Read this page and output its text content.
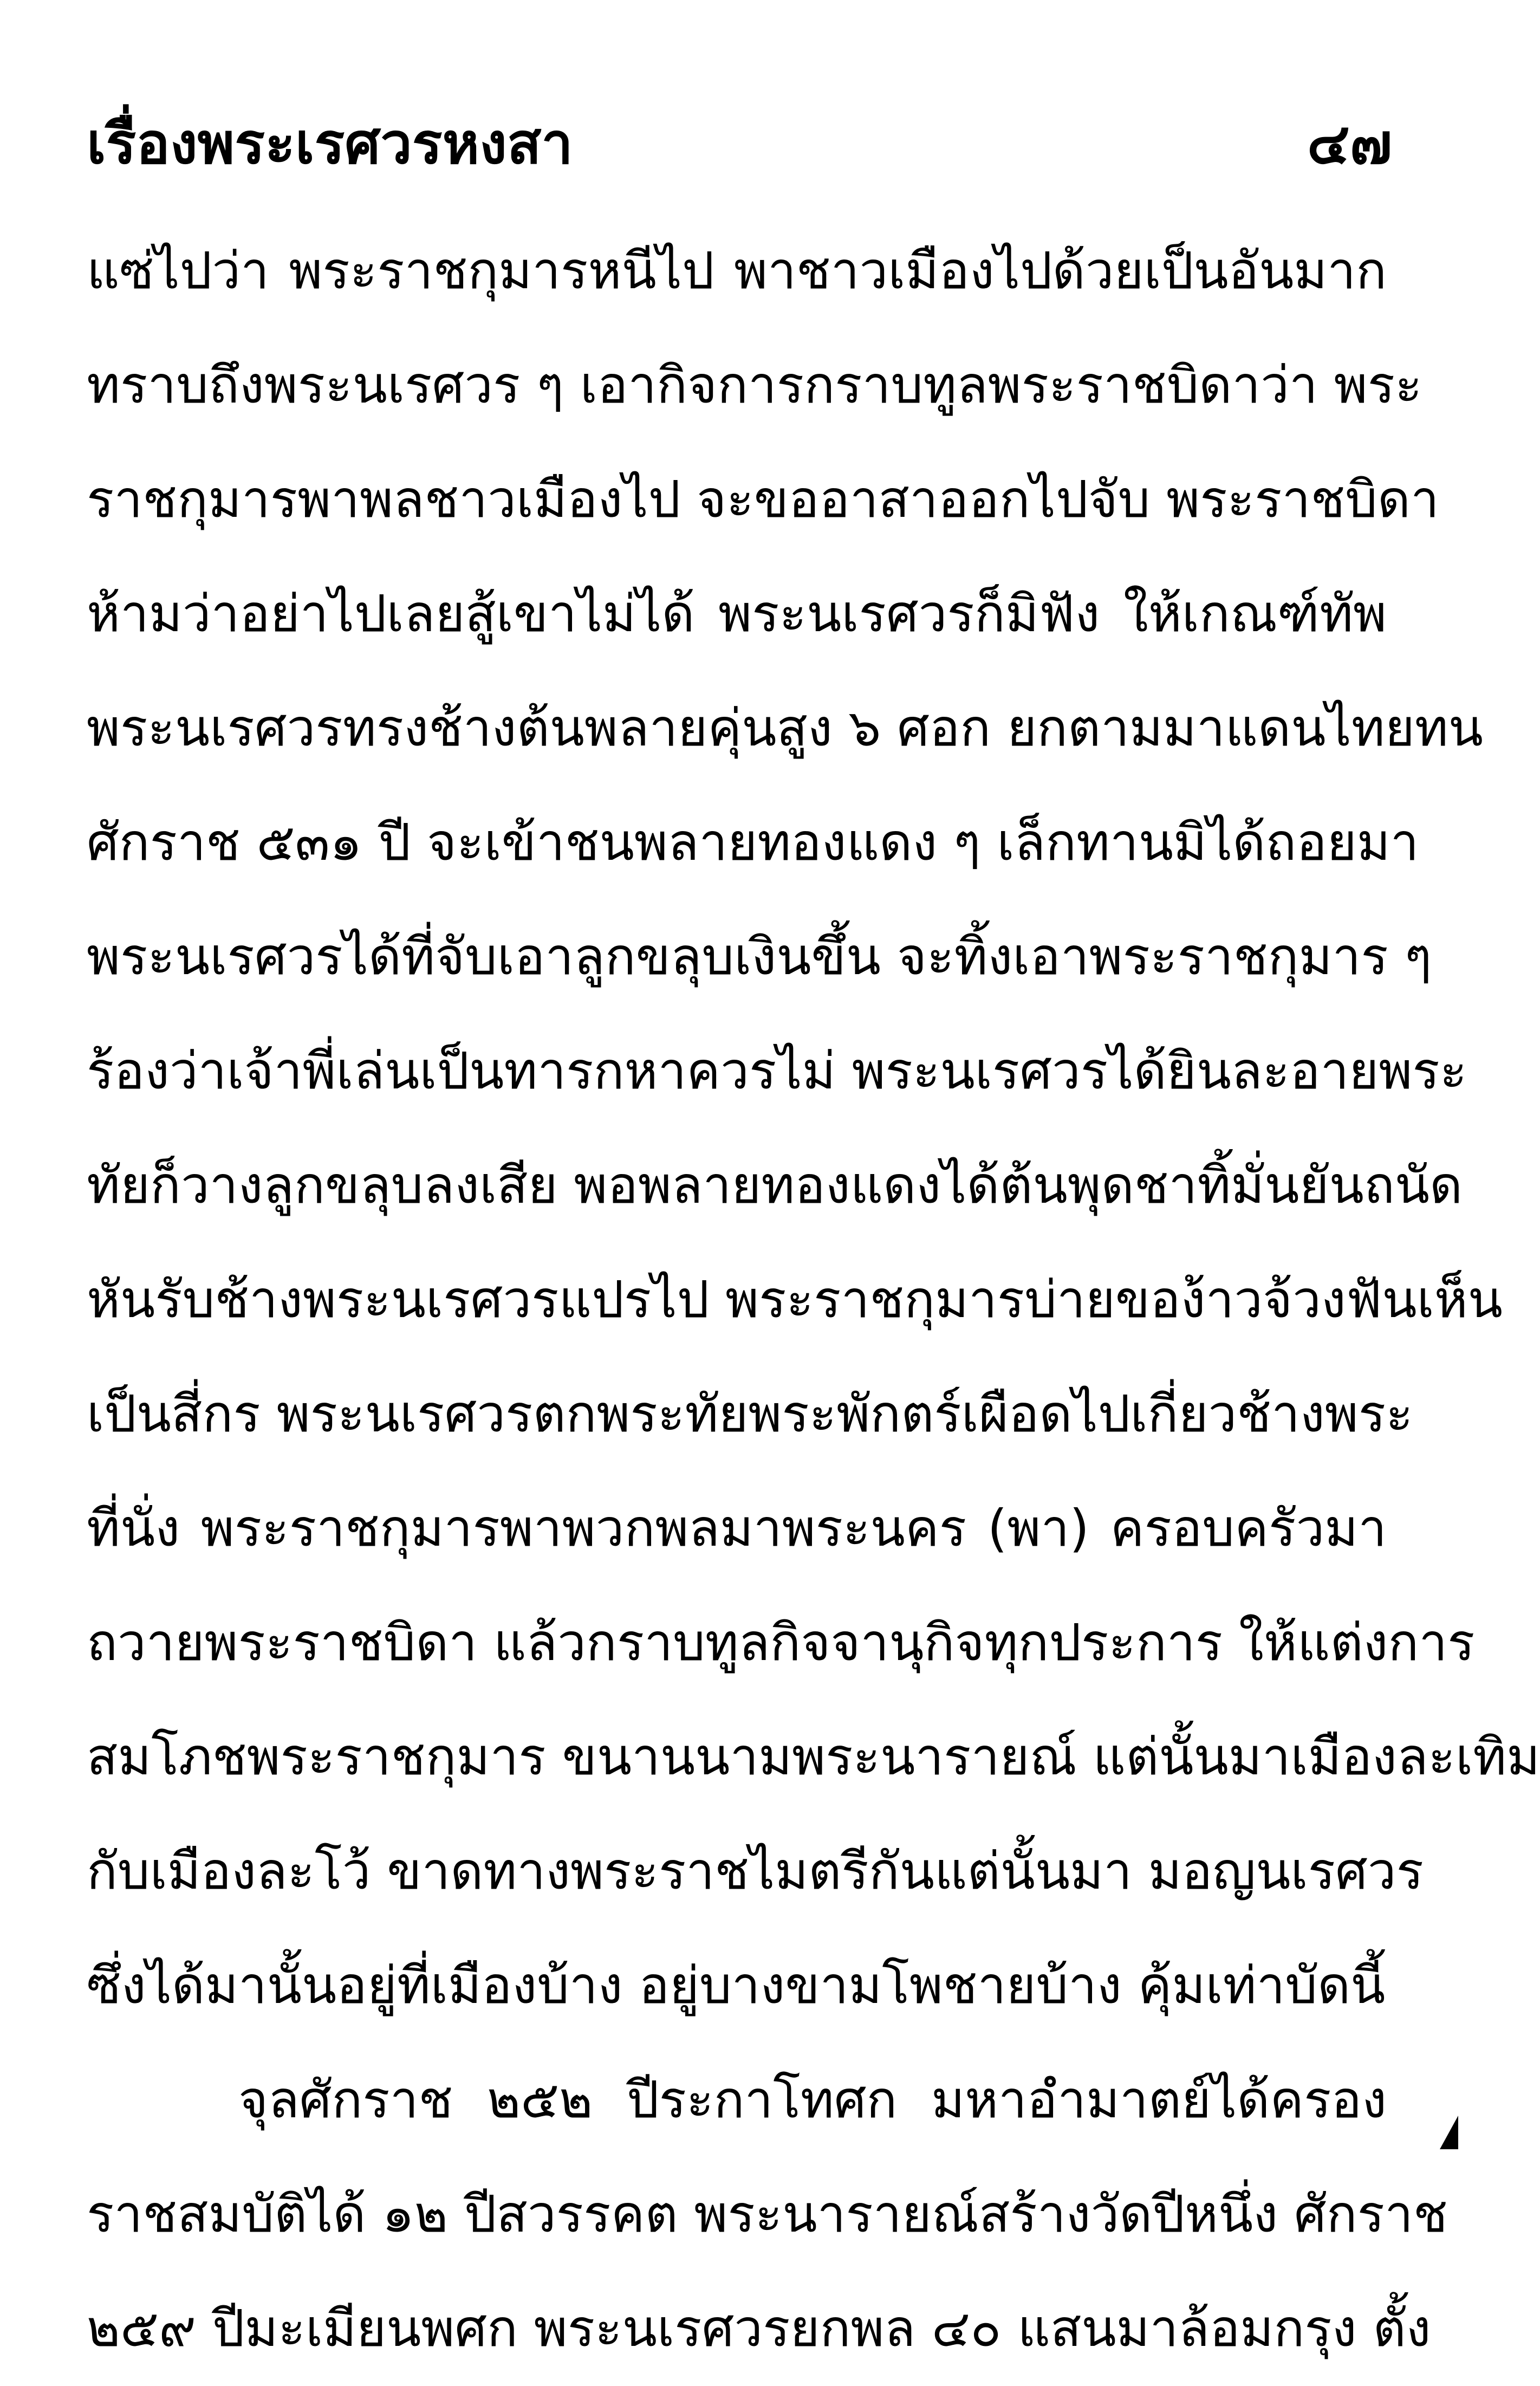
เรื่องพระเรศวรหงสา	๔๗
แซ่ไปว่า พระราชกุมารหนีไป พาชาวเมืองไปด้วยเป็นอันมาก
ทราบถึงพระนเรศวร ๆ เอากิจการกราบทูลพระราชบิดาว่า พระ
ราชกุมารพาพลชาวเมืองไป จะขออาสาออกไปจับ พระราชบิดา
ห้ามว่าอย่าไปเลยสู้เขาไม่ได้ พระนเรศวรก็มิฟัง ให้เกณฑ์ทัพ
พระนเรศวรทรงช้างต้นพลายคุ่นสูง ๖ ศอก ยกตามมาแดนไทยทน
ศักราช ๕๓๑ ปี จะเข้าชนพลายทองแดง ๆ เล็กทานมิได้ถอยมา
พระนเรศวรได้ที่จับเอาลูกขลุบเงินขึ้น จะทิ้งเอาพระราชกุมาร ๆ
ร้องว่าเจ้าพี่เล่นเป็นทารกหาควรไม่ พระนเรศวรได้ยินละอายพระ
ทัยก็วางลูกขลุบลงเสีย พอพลายทองแดงได้ต้นพุดชาทิ้มั่นยันถนัด
หันรับช้างพระนเรศวรแปรไป พระราชกุมารบ่ายของ้าวจ้วงฟันเห็น
เป็นสี่กร พระนเรศวรตกพระทัยพระพักตร์เผือดไปเกี่ยวช้างพระ
ที่นั่ง พระราชกุมารพาพวกพลมาพระนคร (พา) ครอบครัวมา
ถวายพระราชบิดา แล้วกราบทูลกิจจานุกิจทุกประการ ให้แต่งการ
สมโภชพระราชกุมาร ขนานนามพระนารายณ์ แต่นั้นมาเมืองละเทิม
กับเมืองละโว้ ขาดทางพระราชไมตรีกันแต่นั้นมา มอญนเรศวร
ซึ่งได้มานั้นอยู่ที่เมืองบ้าง อยู่บางขามโพชายบ้าง คุ้มเท่าบัดนี้
จุลศักราช ๒๕๒ ปีระกาโทศก มหาอำมาตย์ได้ครอง
ราชสมบัติได้ ๑๒ ปีสวรรคต พระนารายณ์สร้างวัดปีหนึ่ง ศักราช
๒๕๙ ปีมะเมียนพศก พระนเรศวรยกพล ๔๐ แสนมาล้อมกรุง ตั้ง
